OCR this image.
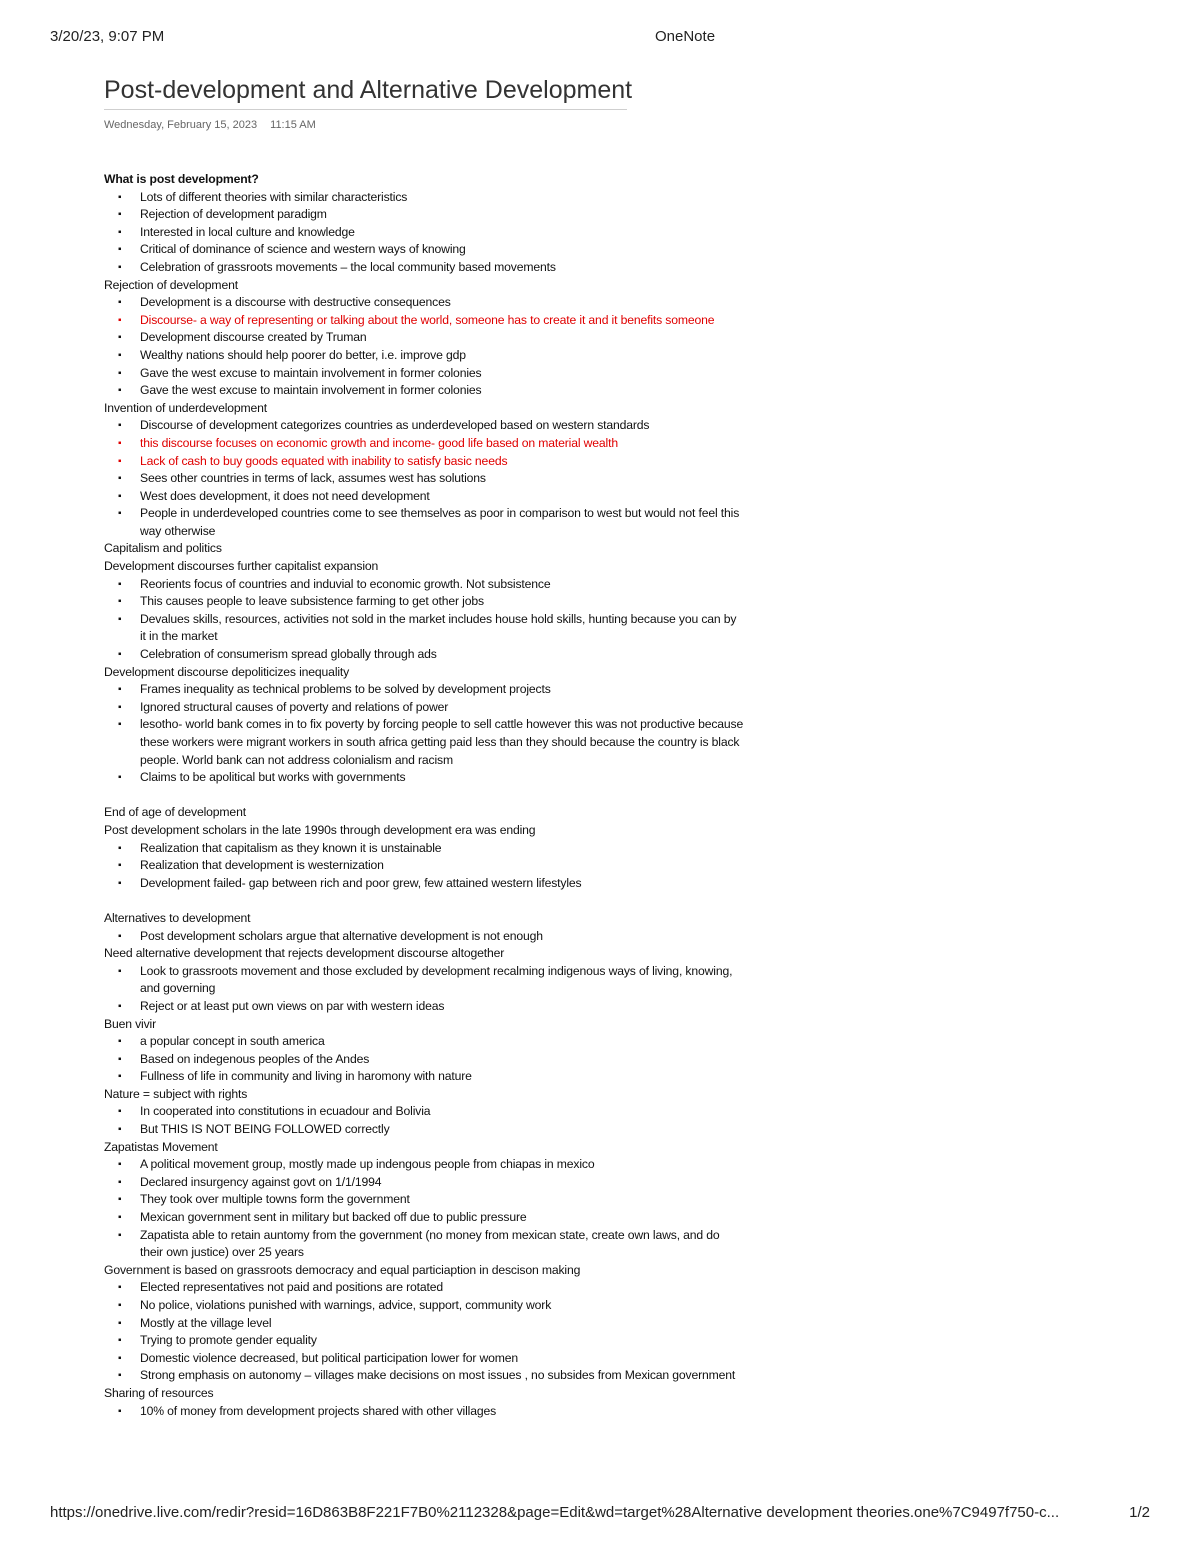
3/20/23, 9:07 PM	OneNote
Post-development and Alternative Development
Wednesday, February 15, 2023 11:15 AM
What is post development?
▪ Lots of different theories with similar characteristics
▪ Rejection of development paradigm
▪ Interested in local culture and knowledge
▪ Critical of dominance of science and western ways of knowing
▪ Celebration of grassroots movements – the local community based movements
Rejection of development
▪ Development is a discourse with destructive consequences
▪ Discourse- a way of representing or talking about the world, someone has to create it and it benefits someone
▪ Development discourse created by Truman
▪ Wealthy nations should help poorer do better, i.e. improve gdp
▪ Gave the west excuse to maintain involvement in former colonies
▪ Gave the west excuse to maintain involvement in former colonies
Invention of underdevelopment
▪ Discourse of development categorizes countries as underdeveloped based on western standards
▪ this discourse focuses on economic growth and income- good life based on material wealth
▪ Lack of cash to buy goods equated with inability to satisfy basic needs
▪ Sees other countries in terms of lack, assumes west has solutions
▪ West does development, it does not need development
▪ People in underdeveloped countries come to see themselves as poor in comparison to west but would not feel this way otherwise
Capitalism and politics
Development discourses further capitalist expansion
▪ Reorients focus of countries and induvial to economic growth. Not subsistence
▪ This causes people to leave subsistence farming to get other jobs
▪ Devalues skills, resources, activities not sold in the market includes house hold skills, hunting because you can by it in the market
▪ Celebration of consumerism spread globally through ads
Development discourse depoliticizes inequality
▪ Frames inequality as technical problems to be solved by development projects
▪ Ignored structural causes of poverty and relations of power
▪ lesotho- world bank comes in to fix poverty by forcing people to sell cattle however this was not productive because these workers were migrant workers in south africa getting paid less than they should because the country is black people. World bank can not address colonialism and racism
▪ Claims to be apolitical but works with governments
End of age of development
Post development scholars in the late 1990s through development era was ending
▪ Realization that capitalism as they known it is unstainable
▪ Realization that development is westernization
▪ Development failed- gap between rich and poor grew, few attained western lifestyles
Alternatives to development
▪ Post development scholars argue that alternative development is not enough
Need alternative development that rejects development discourse altogether
▪ Look to grassroots movement and those excluded by development recalming indigenous ways of living, knowing, and governing
▪ Reject or at least put own views on par with western ideas
Buen vivir
▪ a popular concept in south america
▪ Based on indegenous peoples of the Andes
▪ Fullness of life in community and living in haromony with nature
Nature = subject with rights
▪ In cooperated into constitutions in ecuadour and Bolivia
▪ But THIS IS NOT BEING FOLLOWED correctly
Zapatistas Movement
▪ A political movement group, mostly made up indengous people from chiapas in mexico
▪ Declared insurgency against govt on 1/1/1994
▪ They took over multiple towns form the government
▪ Mexican government sent in military but backed off due to public pressure
▪ Zapatista able to retain auntomy from the government (no money from mexican state, create own laws, and do their own justice) over 25 years
Government is based on grassroots democracy and equal particiaption in descison making
▪ Elected representatives not paid and positions are rotated
▪ No police, violations punished with warnings, advice, support, community work
▪ Mostly at the village level
▪ Trying to promote gender equality
▪ Domestic violence decreased, but political participation lower for women
▪ Strong emphasis on autonomy – villages make decisions on most issues , no subsides from Mexican government
Sharing of resources
▪ 10% of money from development projects shared with other villages
https://onedrive.live.com/redir?resid=16D863B8F221F7B0%2112328&page=Edit&wd=target%28Alternative development theories.one%7C9497f750-c...	1/2
